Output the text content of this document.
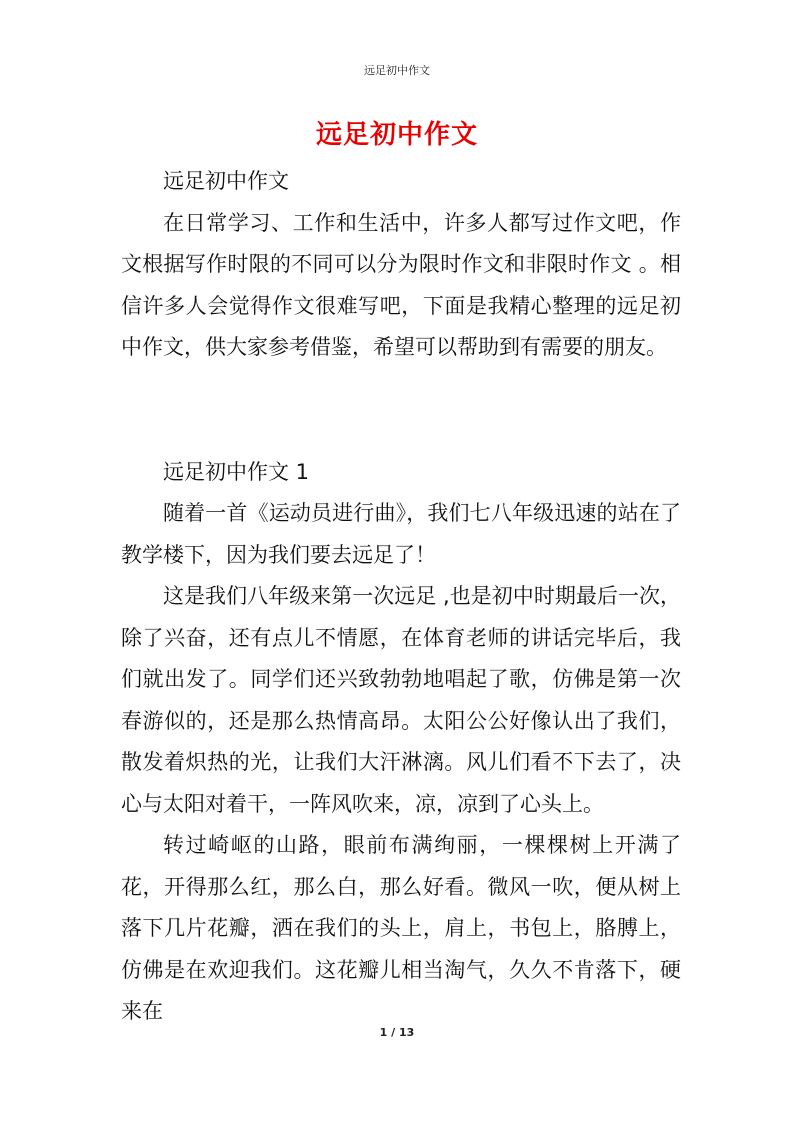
远足初中作文
远足初中作文

远足初中作文

在日常学习、工作和生活中，许多人都写过作文吧，作文根据写作时限的不同可以分为限时作文和非限时作文 。相信许多人会觉得作文很难写吧，下面是我精心整理的远足初中作文，供大家参考借鉴，希望可以帮助到有需要的朋友。

远足初中作文 1

随着一首《运动员进行曲》，我们七八年级迅速的站在了教学楼下，因为我们要去远足了！

这是我们八年级来第一次远足 ,也是初中时期最后一次，除了兴奋，还有点儿不情愿，在体育老师的讲话完毕后，我们就出发了。同学们还兴致勃勃地唱起了歌，仿佛是第一次春游似的，还是那么热情高昂。太阳公公好像认出了我们，散发着炽热的光，让我们大汗淋漓。风儿们看不下去了，决心与太阳对着干，一阵风吹来，凉，凉到了心头上。

转过崎岖的山路，眼前布满绚丽，一棵棵树上开满了花，开得那么红，那么白，那么好看。微风一吹，便从树上落下几片花瓣，洒在我们的头上，肩上，书包上，胳膊上，仿佛是在欢迎我们。这花瓣儿相当淘气，久久不肯落下，硬来在

1 / 13
